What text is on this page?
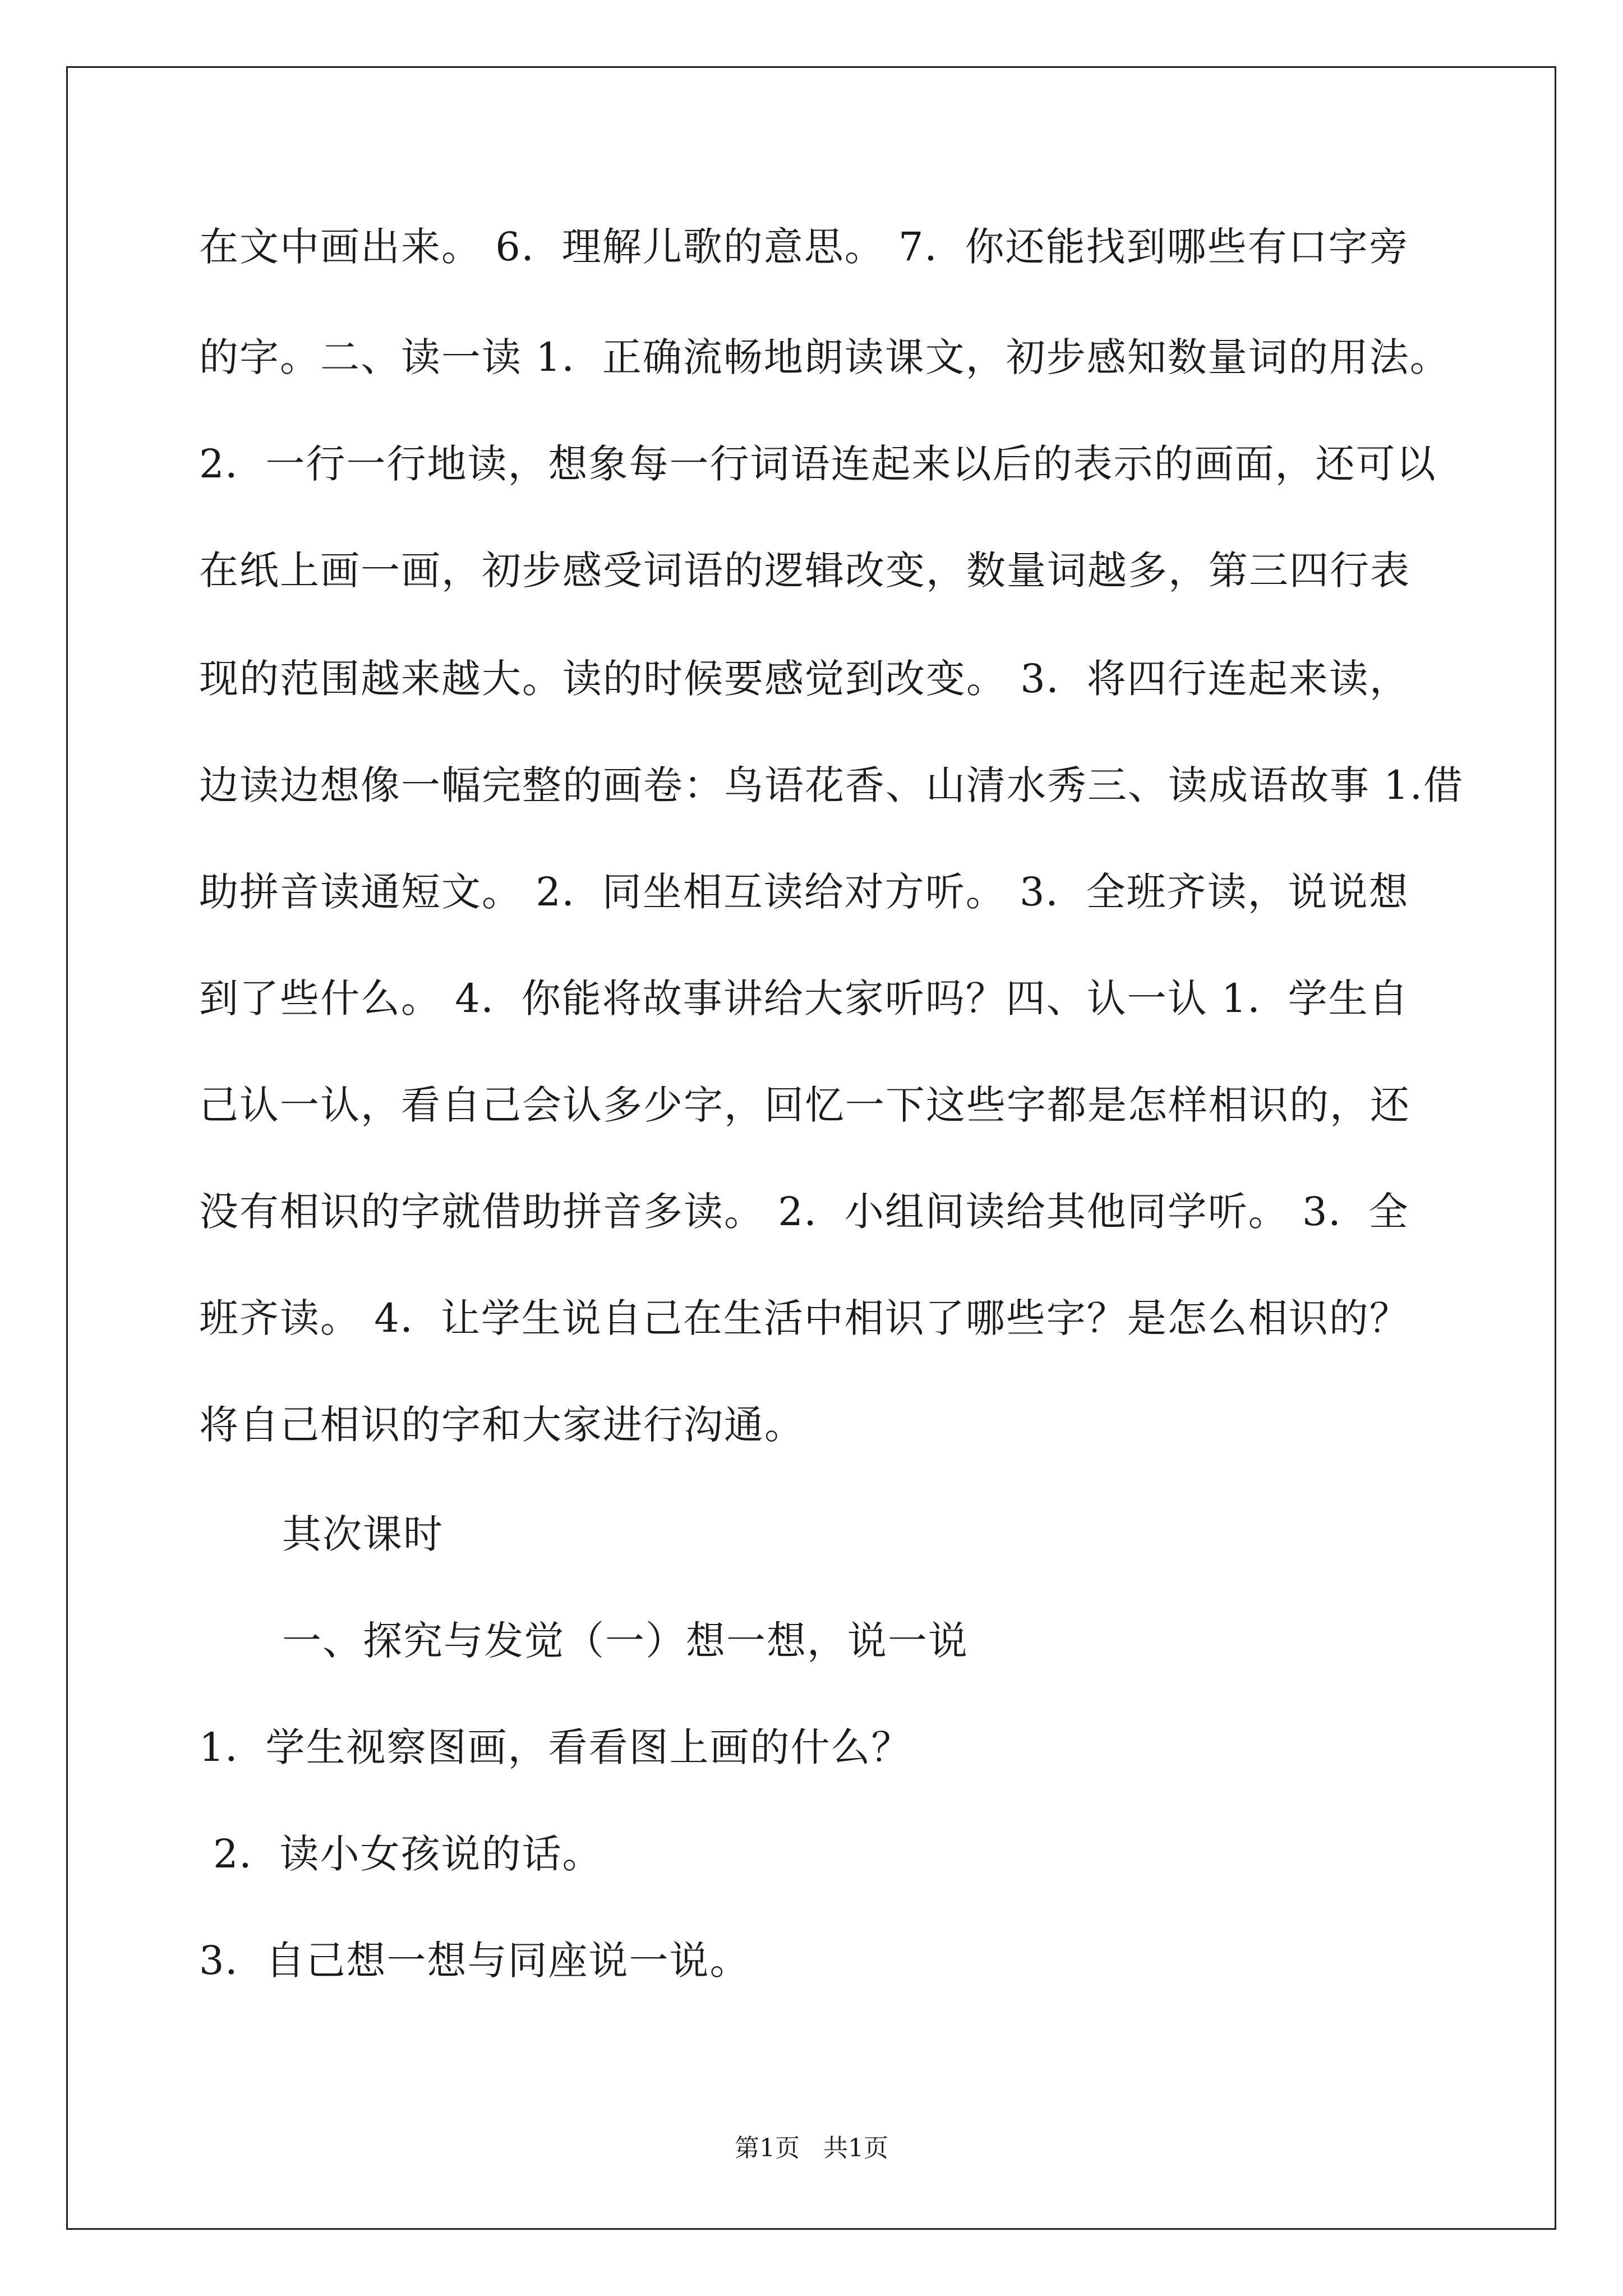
在文中画出来。 6．理解儿歌的意思。 7．你还能找到哪些有口字旁
的字。二、读一读 1．正确流畅地朗读课文，初步感知数量词的用法。
2．一行一行地读，想象每一行词语连起来以后的表示的画面，还可以
在纸上画一画，初步感受词语的逻辑改变，数量词越多，第三四行表
现的范围越来越大。读的时候要感觉到改变。 3．将四行连起来读，
边读边想像一幅完整的画卷：鸟语花香、山清水秀三、读成语故事 1.借
助拼音读通短文。 2．同坐相互读给对方听。 3．全班齐读，说说想
到了些什么。 4．你能将故事讲给大家听吗？四、认一认 1．学生自
己认一认，看自己会认多少字，回忆一下这些字都是怎样相识的，还
没有相识的字就借助拼音多读。 2．小组间读给其他同学听。 3．全
班齐读。 4．让学生说自己在生活中相识了哪些字？是怎么相识的？
将自己相识的字和大家进行沟通。
其次课时
一、探究与发觉（一）想一想，说一说
1．学生视察图画，看看图上画的什么？
2．读小女孩说的话。
3．自己想一想与同座说一说。
第1页   共1页
